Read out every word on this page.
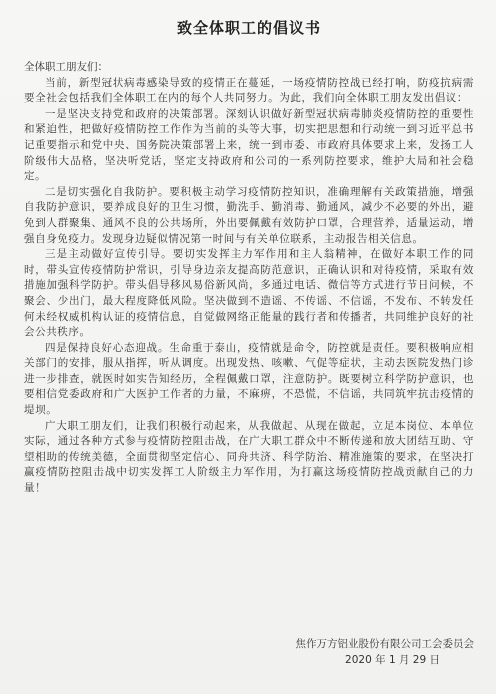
致全体职工的倡议书

全体职工朋友们：

当前，新型冠状病毒感染导致的疫情正在蔓延，一场疫情防控战已经打响，防疫抗病需要全社会包括我们全体职工在内的每个人共同努力。为此，我们向全体职工朋友发出倡议：

一是坚决支持党和政府的决策部署。深刻认识做好新型冠状病毒肺炎疫情防控的重要性和紧迫性，把做好疫情防控工作作为当前的头等大事，切实把思想和行动统一到习近平总书记重要指示和党中央、国务院决策部署上来，统一到市委、市政府具体要求上来，发扬工人阶级伟大品格，坚决听党话，坚定支持政府和公司的一系列防控要求，维护大局和社会稳定。

二是切实强化自我防护。要积极主动学习疫情防控知识，准确理解有关政策措施，增强自我防护意识，要养成良好的卫生习惯，勤洗手、勤消毒、勤通风，减少不必要的外出，避免到人群聚集、通风不良的公共场所，外出要佩戴有效防护口罩，合理营养，适量运动，增强自身免疫力。发现身边疑似情况第一时间与有关单位联系，主动报告相关信息。

三是主动做好宣传引导。要切实发挥主力军作用和主人翁精神，在做好本职工作的同时，带头宣传疫情防护常识，引导身边亲友提高防范意识，正确认识和对待疫情，采取有效措施加强科学防护。带头倡导移风易俗新风尚，多通过电话、微信等方式进行节日问候，不聚会、少出门，最大程度降低风险。坚决做到不造谣、不传谣、不信谣，不发布、不转发任何未经权威机构认证的疫情信息，自觉做网络正能量的践行者和传播者，共同维护良好的社会公共秩序。

四是保持良好心态迎战。生命重于泰山，疫情就是命令，防控就是责任。要积极响应相关部门的安排，服从指挥，听从调度。出现发热、咳嗽、气促等症状，主动去医院发热门诊进一步排查，就医时如实告知经历，全程佩戴口罩，注意防护。既要树立科学防护意识，也要相信党委政府和广大医护工作者的力量，不麻痹，不恐慌，不信谣，共同筑牢抗击疫情的堤坝。

广大职工朋友们，让我们积极行动起来，从我做起、从现在做起，立足本岗位、本单位实际，通过各种方式参与疫情防控阻击战，在广大职工群众中不断传递和放大团结互助、守望相助的传统美德，全面贯彻坚定信心、同舟共济、科学防治、精准施策的要求，在坚决打赢疫情防控阻击战中切实发挥工人阶级主力军作用，为打赢这场疫情防控战贡献自己的力量！

焦作万方铝业股份有限公司工会委员会
2020 年 1 月 29 日
